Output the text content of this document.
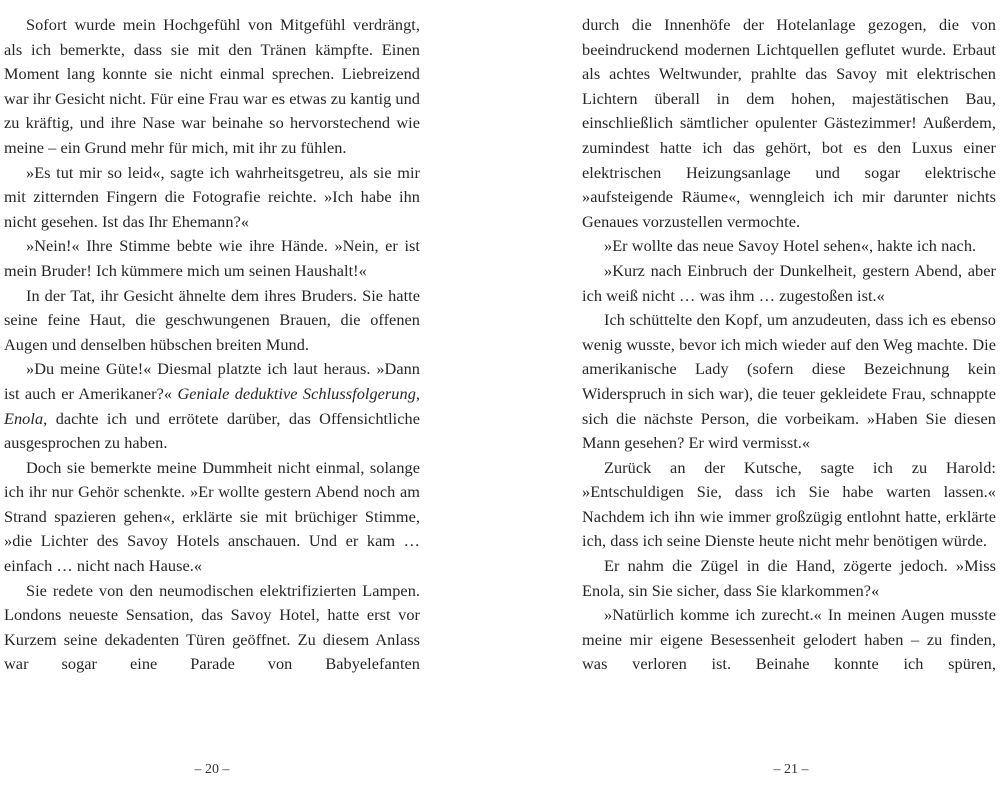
Sofort wurde mein Hochgefühl von Mitgefühl verdrängt, als ich bemerkte, dass sie mit den Tränen kämpfte. Einen Moment lang konnte sie nicht einmal sprechen. Liebreizend war ihr Gesicht nicht. Für eine Frau war es etwas zu kantig und zu kräftig, und ihre Nase war beinahe so hervorstechend wie meine – ein Grund mehr für mich, mit ihr zu fühlen.

»Es tut mir so leid«, sagte ich wahrheitsgetreu, als sie mir mit zitternden Fingern die Fotografie reichte. »Ich habe ihn nicht gesehen. Ist das Ihr Ehemann?«

»Nein!« Ihre Stimme bebte wie ihre Hände. »Nein, er ist mein Bruder! Ich kümmere mich um seinen Haushalt!«

In der Tat, ihr Gesicht ähnelte dem ihres Bruders. Sie hatte seine feine Haut, die geschwungenen Brauen, die offenen Augen und denselben hübschen breiten Mund.

»Du meine Güte!« Diesmal platzte ich laut heraus. »Dann ist auch er Amerikaner?« Geniale deduktive Schlussfolgerung, Enola, dachte ich und errötete darüber, das Offensichtliche ausgesprochen zu haben.

Doch sie bemerkte meine Dummheit nicht einmal, solange ich ihr nur Gehör schenkte. »Er wollte gestern Abend noch am Strand spazieren gehen«, erklärte sie mit brüchiger Stimme, »die Lichter des Savoy Hotels anschauen. Und er kam … einfach … nicht nach Hause.«

Sie redete von den neumodischen elektrifizierten Lampen. Londons neueste Sensation, das Savoy Hotel, hatte erst vor Kurzem seine dekadenten Türen geöffnet. Zu diesem Anlass war sogar eine Parade von Babyelefanten

– 20 –

durch die Innenhöfe der Hotelanlage gezogen, die von beeindruckend modernen Lichtquellen geflutet wurde. Erbaut als achtes Weltwunder, prahlte das Savoy mit elektrischen Lichtern überall in dem hohen, majestätischen Bau, einschließlich sämtlicher opulenter Gästezimmer! Außerdem, zumindest hatte ich das gehört, bot es den Luxus einer elektrischen Heizungsanlage und sogar elektrische »aufsteigende Räume«, wenngleich ich mir darunter nichts Genaues vorzustellen vermochte.

»Er wollte das neue Savoy Hotel sehen«, hakte ich nach.

»Kurz nach Einbruch der Dunkelheit, gestern Abend, aber ich weiß nicht … was ihm … zugestoßen ist.«

Ich schüttelte den Kopf, um anzudeuten, dass ich es ebenso wenig wusste, bevor ich mich wieder auf den Weg machte. Die amerikanische Lady (sofern diese Bezeichnung kein Widerspruch in sich war), die teuer gekleidete Frau, schnappte sich die nächste Person, die vorbeikam. »Haben Sie diesen Mann gesehen? Er wird vermisst.«

Zurück an der Kutsche, sagte ich zu Harold: »Entschuldigen Sie, dass ich Sie habe warten lassen.« Nachdem ich ihn wie immer großzügig entlohnt hatte, erklärte ich, dass ich seine Dienste heute nicht mehr benötigen würde.

Er nahm die Zügel in die Hand, zögerte jedoch. »Miss Enola, sin Sie sicher, dass Sie klarkommen?«

»Natürlich komme ich zurecht.« In meinen Augen musste meine mir eigene Besessenheit gelodert haben – zu finden, was verloren ist. Beinahe konnte ich spüren,

– 21 –
